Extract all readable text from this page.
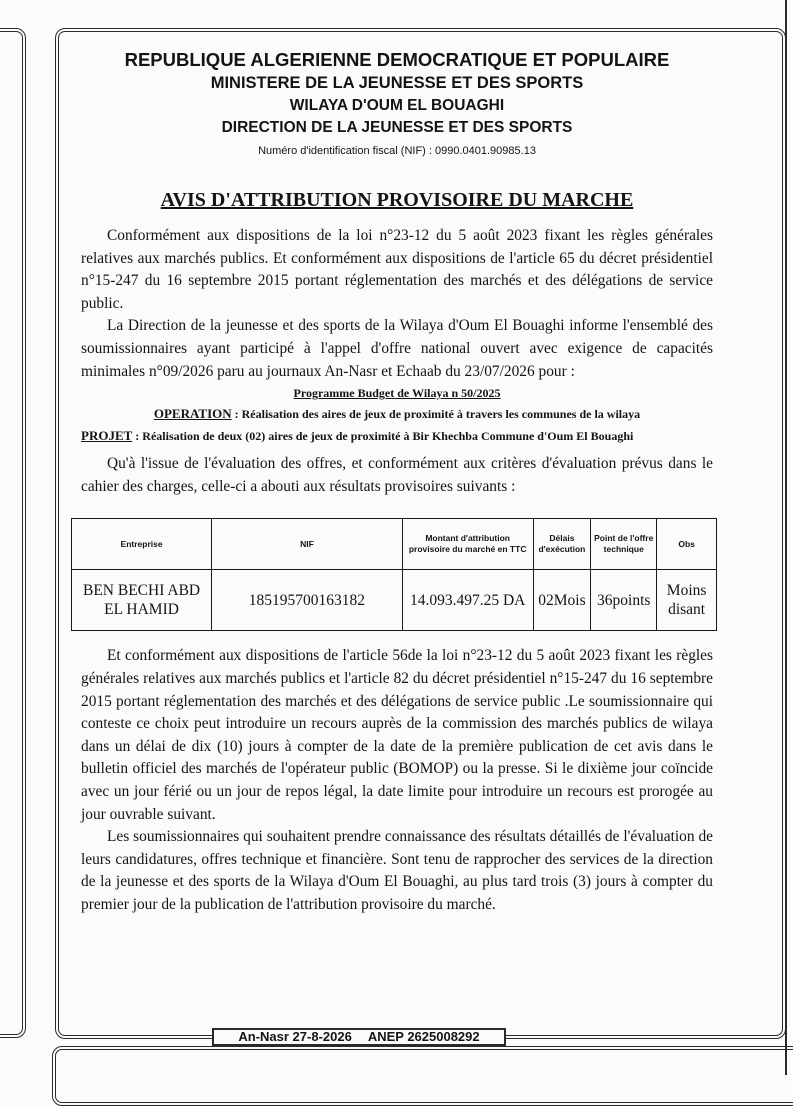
REPUBLIQUE ALGERIENNE DEMOCRATIQUE ET POPULAIRE
MINISTERE DE LA JEUNESSE ET DES SPORTS
WILAYA D'OUM EL BOUAGHI
DIRECTION DE LA JEUNESSE ET DES SPORTS
Numéro d'identification fiscal (NIF) : 0990.0401.90985.13
AVIS D'ATTRIBUTION PROVISOIRE DU MARCHE

Conformément aux dispositions de la loi n°23-12 du 5 août 2023 fixant les règles générales relatives aux marchés publics. Et conformément aux dispositions de l'article 65 du décret présidentiel n°15-247 du 16 septembre 2015 portant réglementation des marchés et des délégations de service public.

La Direction de la jeunesse et des sports de la Wilaya d'Oum El Bouaghi informe l'ensemblé des soumissionnaires ayant participé à l'appel d'offre national ouvert avec exigence de capacités minimales n°09/2026 paru au journaux An-Nasr et Echaab du 23/07/2026 pour :

Programme Budget de Wilaya n 50/2025
OPERATION : Réalisation des aires de jeux de proximité à travers les communes de la wilaya
PROJET : Réalisation de deux (02) aires de jeux de proximité à Bir Khechba Commune d'Oum El Bouaghi

Qu'à l'issue de l'évaluation des offres, et conformément aux critères d'évaluation prévus dans le cahier des charges, celle-ci a abouti aux résultats provisoires suivants :

Entreprise	NIF	Montant d'attribution provisoire du marché en TTC	Délais d'exécution	Point de l'offre technique	Obs
BEN BECHI ABD EL HAMID	185195700163182	14.093.497.25 DA	02Mois	36points	Moins disant

Et conformément aux dispositions de l'article 56de la loi n°23-12 du 5 août 2023 fixant les règles générales relatives aux marchés publics et l'article 82 du décret présidentiel n°15-247 du 16 septembre 2015 portant réglementation des marchés et des délégations de service public .Le soumissionnaire qui conteste ce choix peut introduire un recours auprès de la commission des marchés publics de wilaya dans un délai de dix (10) jours à compter de la date de la première publication de cet avis dans le bulletin officiel des marchés de l'opérateur public (BOMOP) ou la presse. Si le dixième jour coïncide avec un jour férié ou un jour de repos légal, la date limite pour introduire un recours est prorogée au jour ouvrable suivant.

Les soumissionnaires qui souhaitent prendre connaissance des résultats détaillés de l'évaluation de leurs candidatures, offres technique et financière. Sont tenu de rapprocher des services de la direction de la jeunesse et des sports de la Wilaya d'Oum El Bouaghi, au plus tard trois (3) jours à compter du premier jour de la publication de l'attribution provisoire du marché.

An-Nasr 27-8-2026 ANEP 2625008292
